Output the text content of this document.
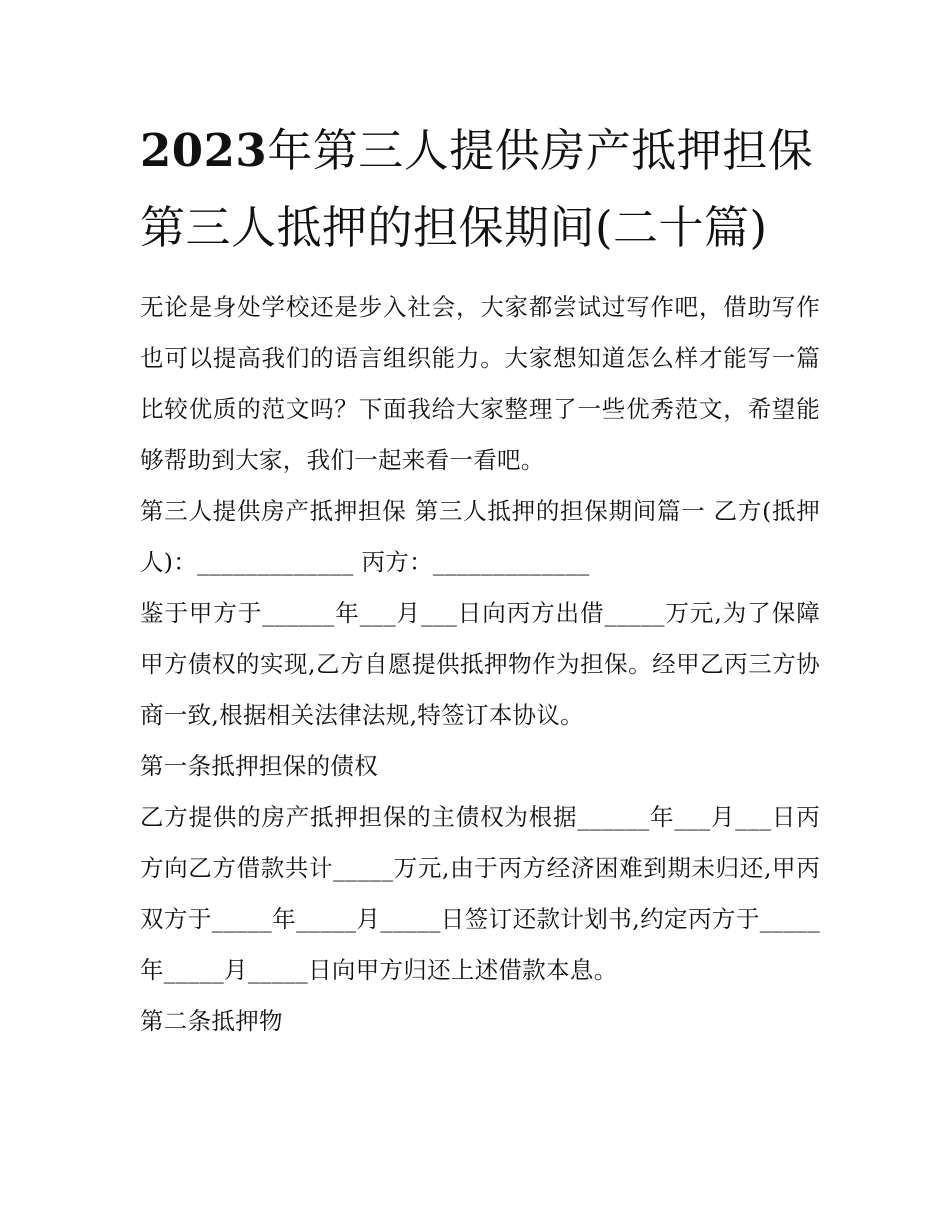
2023年第三人提供房产抵押担保 第三人抵押的担保期间(二十篇)

无论是身处学校还是步入社会，大家都尝试过写作吧，借助写作也可以提高我们的语言组织能力。大家想知道怎么样才能写一篇比较优质的范文吗？下面我给大家整理了一些优秀范文，希望能够帮助到大家，我们一起来看一看吧。

第三人提供房产抵押担保 第三人抵押的担保期间篇一 乙方(抵押人)：_____________ 丙方：_____________

鉴于甲方于______年___月___日向丙方出借_____万元,为了保障甲方债权的实现,乙方自愿提供抵押物作为担保。经甲乙丙三方协商一致,根据相关法律法规,特签订本协议。

第一条抵押担保的债权

乙方提供的房产抵押担保的主债权为根据______年___月___日丙方向乙方借款共计_____万元,由于丙方经济困难到期未归还,甲丙双方于_____年_____月_____日签订还款计划书,约定丙方于_____年_____月_____日向甲方归还上述借款本息。

第二条抵押物
